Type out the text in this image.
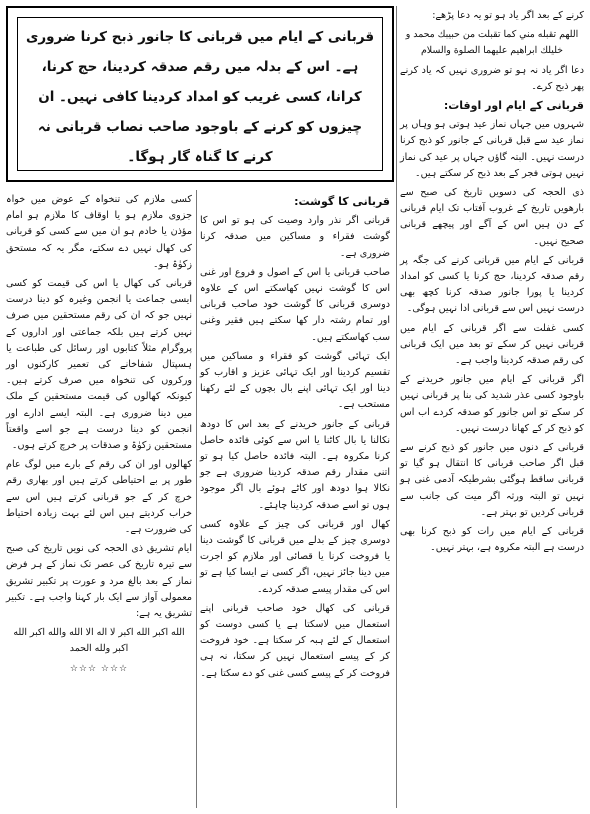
قربانی کے ایام میں قربانی کا جانور ذبح کرنا ضروری ہے۔ اس کے بدلہ میں رقم صدقہ کردینا، حج کرنا، کرانا، کسی غریب کو امداد کردینا کافی نہیں۔ ان چیزوں کو کرنے کے باوجود صاحب نصاب قربانی نہ کرنے کا گناہ گار ہوگا۔

کرنے کے بعد اگر یاد ہو تو یہ دعا پڑھے:

اللهم تقبله مني كما تقبلت من حبيبك محمد و خليلك ابراهيم عليهما الصلوة والسلام

دعا اگر یاد نہ ہو تو ضروری نہیں کہ یاد کرنے پھر ذبح کرے۔

قربانی کے ایام اور اوقات:

شہروں میں جہاں نماز عید ہوتی ہو وہاں پر نماز عید سے قبل قربانی کے جانور کو ذبح کرنا درست نہیں۔ البتہ گاؤں جہاں پر عید کی نماز نہیں ہوتی فجر کے بعد ذبح کر سکتے ہیں۔

ذی الحجہ کی دسویں تاریخ کی صبح سے بارھویں تاریخ کے غروب آفتاب تک ایام قربانی کے دن ہیں اس کے آگے اور پیچھے قربانی صحیح نہیں۔

قربانی کے ایام میں قربانی کرنے کی جگہ پر رقم صدقہ کردینا، حج کرنا یا کسی کو امداد کردینا یا پورا جانور صدقہ کرنا کچھ بھی درست نہیں اس سے قربانی ادا نہیں ہوگی۔

کسی غفلت سے اگر قربانی کے ایام میں قربانی نہیں کر سکے تو بعد میں ایک قربانی کی رقم صدقہ کردینا واجب ہے۔

اگر قربانی کے ایام میں جانور خریدنے کے باوجود کسی عذر شدید کی بنا پر قربانی نہیں کر سکے تو اس جانور کو صدقہ کردے اب اس کو ذبح کر کے کھانا درست نہیں۔

قربانی کے دنوں میں جانور کو ذبح کرنے سے قبل اگر صاحب قربانی کا انتقال ہو گیا تو قربانی ساقط ہوگئی بشرطیکہ آدمی غنی ہو نہیں تو البتہ ورثہ اگر میت کی جانب سے قربانی کردیں تو بہتر ہے۔

قربانی کے ایام میں رات کو ذبح کرنا بھی درست ہے البتہ مکروہ ہے، بہتر نہیں۔

قربانی کا گوشت:

قربانی اگر نذر وارد وصیت کی ہو تو اس کا گوشت فقراء و مساکین میں صدقہ کرنا ضروری ہے۔

صاحب قربانی یا اس کے اصول و فروع اور غنی اس کا گوشت نہیں کھاسکتے اس کے علاوہ دوسری قربانی کا گوشت خود صاحب قربانی اور تمام رشتہ دار کھا سکتے ہیں فقیر وغنی سب کھاسکتے ہیں۔

ایک تہائی گوشت کو فقراء و مساکین میں تقسیم کردینا اور ایک تہائی عزیز و اقارب کو دینا اور ایک تہائی اپنے بال بچوں کے لئے رکھنا مستحب ہے۔

قربانی کے جانور خریدنے کے بعد اس کا دودھ نکالنا یا بال کاٹنا یا اس سے کوئی فائدہ حاصل کرنا مکروہ ہے۔ البتہ فائدہ حاصل کیا ہو تو اتنی مقدار رقم صدقہ کردینا ضروری ہے جو نکالا ہوا دودھ اور کاٹے ہوئے بال اگر موجود ہوں تو اسے صدقہ کردینا چاہئے۔

کھال اور قربانی کی چیز کے علاوہ کسی دوسری چیز کے بدلے میں قربانی کا گوشت دینا یا فروخت کرنا یا قصائی اور ملازم کو اجرت میں دینا جائز نہیں، اگر کسی نے ایسا کیا ہے تو اس کی مقدار پیسے صدقہ کردے۔

قربانی کی کھال خود صاحب قربانی اپنے استعمال میں لاسکتا ہے یا کسی دوست کو استعمال کے لئے ہبہ کر سکتا ہے۔ خود فروخت کر کے پیسے استعمال نہیں کر سکتا، نہ ہی فروخت کر کے پیسے کسی غنی کو دے سکتا ہے۔

کسی ملازم کی تنخواہ کے عوض میں خواہ جزوی ملازم ہو یا اوقاف کا ملازم ہو امام مؤذن یا خادم ہو ان میں سے کسی کو قربانی کی کھال نہیں دے سکتے، مگر یہ کہ مستحق زکوٰۃ ہو۔

قربانی کی کھال یا اس کی قیمت کو کسی ایسی جماعت یا انجمن وغیرہ کو دینا درست نہیں جو کہ ان کی رقم مستحقین میں صرف نہیں کرتے ہیں بلکہ جماعتی اور اداروں کے پروگرام مثلاً کتابوں اور رسائل کی طباعت یا ہسپتال شفاخانے کی تعمیر کارکنوں اور ورکروں کی تنخواہ میں صرف کرتے ہیں۔ کیونکہ کھالوں کی قیمت مستحقین کے ملک میں دینا ضروری ہے۔ البتہ ایسے ادارے اور انجمن کو دینا درست ہے جو اسے واقعتاً مستحقین زکوٰۃ و صدقات پر خرچ کرتے ہوں۔

کھالوں اور ان کی رقم کے بارے میں لوگ عام طور پر بے احتیاطی کرتے ہیں اور بھاری رقم خرچ کر کے جو قربانی کرتے ہیں اس سے خراب کردیتے ہیں اس لئے بہت زیادہ احتیاط کی ضرورت ہے۔

ایام تشریق ذی الحجہ کی نویں تاریخ کی صبح سے تیرہ تاریخ کی عصر تک نماز کے ہر فرض نماز کے بعد بالغ مرد و عورت پر تکبیر تشریق معمولی آواز سے ایک بار کہنا واجب ہے۔ تکبیر تشریق یہ ہے:

الله اكبر الله اكبر لا اله الا الله والله اكبر الله اكبر ولله الحمد

☆☆☆ ☆☆☆
